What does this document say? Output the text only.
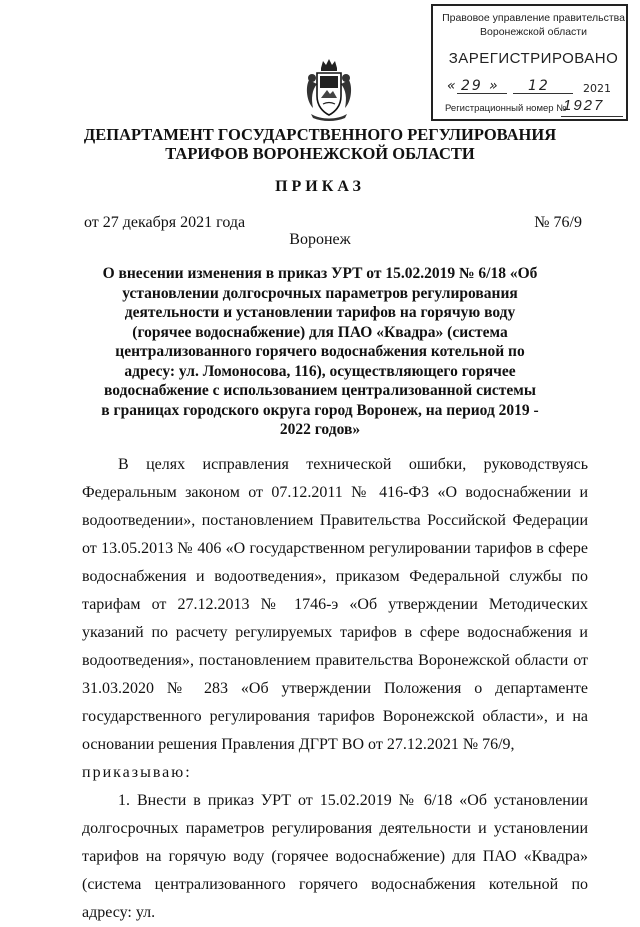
Правовое управление правительства
Воронежской области
ЗАРЕГИСТРИРОВАНО
« 29 » 12	2021
Регистрационный номер №
1927
ДЕПАРТАМЕНТ ГОСУДАРСТВЕННОГО РЕГУЛИРОВАНИЯ
ТАРИФОВ ВОРОНЕЖСКОЙ ОБЛАСТИ
ПРИКАЗ
от 27 декабря 2021 года	№ 76/9
Воронеж
О внесении изменения в приказ УРТ от 15.02.2019 № 6/18 «Об установлении долгосрочных параметров регулирования деятельности и установлении тарифов на горячую воду (горячее водоснабжение) для ПАО «Квадра» (система централизованного горячего водоснабжения котельной по адресу: ул. Ломоносова, 116), осуществляющего горячее водоснабжение с использованием централизованной системы в границах городского округа город Воронеж, на период 2019 - 2022 годов»

В целях исправления технической ошибки, руководствуясь Федеральным законом от 07.12.2011 № 416-ФЗ «О водоснабжении и водоотведении», постановлением Правительства Российской Федерации от 13.05.2013 № 406 «О государственном регулировании тарифов в сфере водоснабжения и водоотведения», приказом Федеральной службы по тарифам от 27.12.2013 № 1746-э «Об утверждении Методических указаний по расчету регулируемых тарифов в сфере водоснабжения и водоотведения», постановлением правительства Воронежской области от 31.03.2020 № 283 «Об утверждении Положения о департаменте государственного регулирования тарифов Воронежской области», и на основании решения Правления ДГРТ ВО от 27.12.2021 № 76/9,

приказываю:

1. Внести в приказ УРТ от 15.02.2019 № 6/18 «Об установлении долгосрочных параметров регулирования деятельности и установлении тарифов на горячую воду (горячее водоснабжение) для ПАО «Квадра» (система централизованного горячего водоснабжения котельной по адресу: ул.
